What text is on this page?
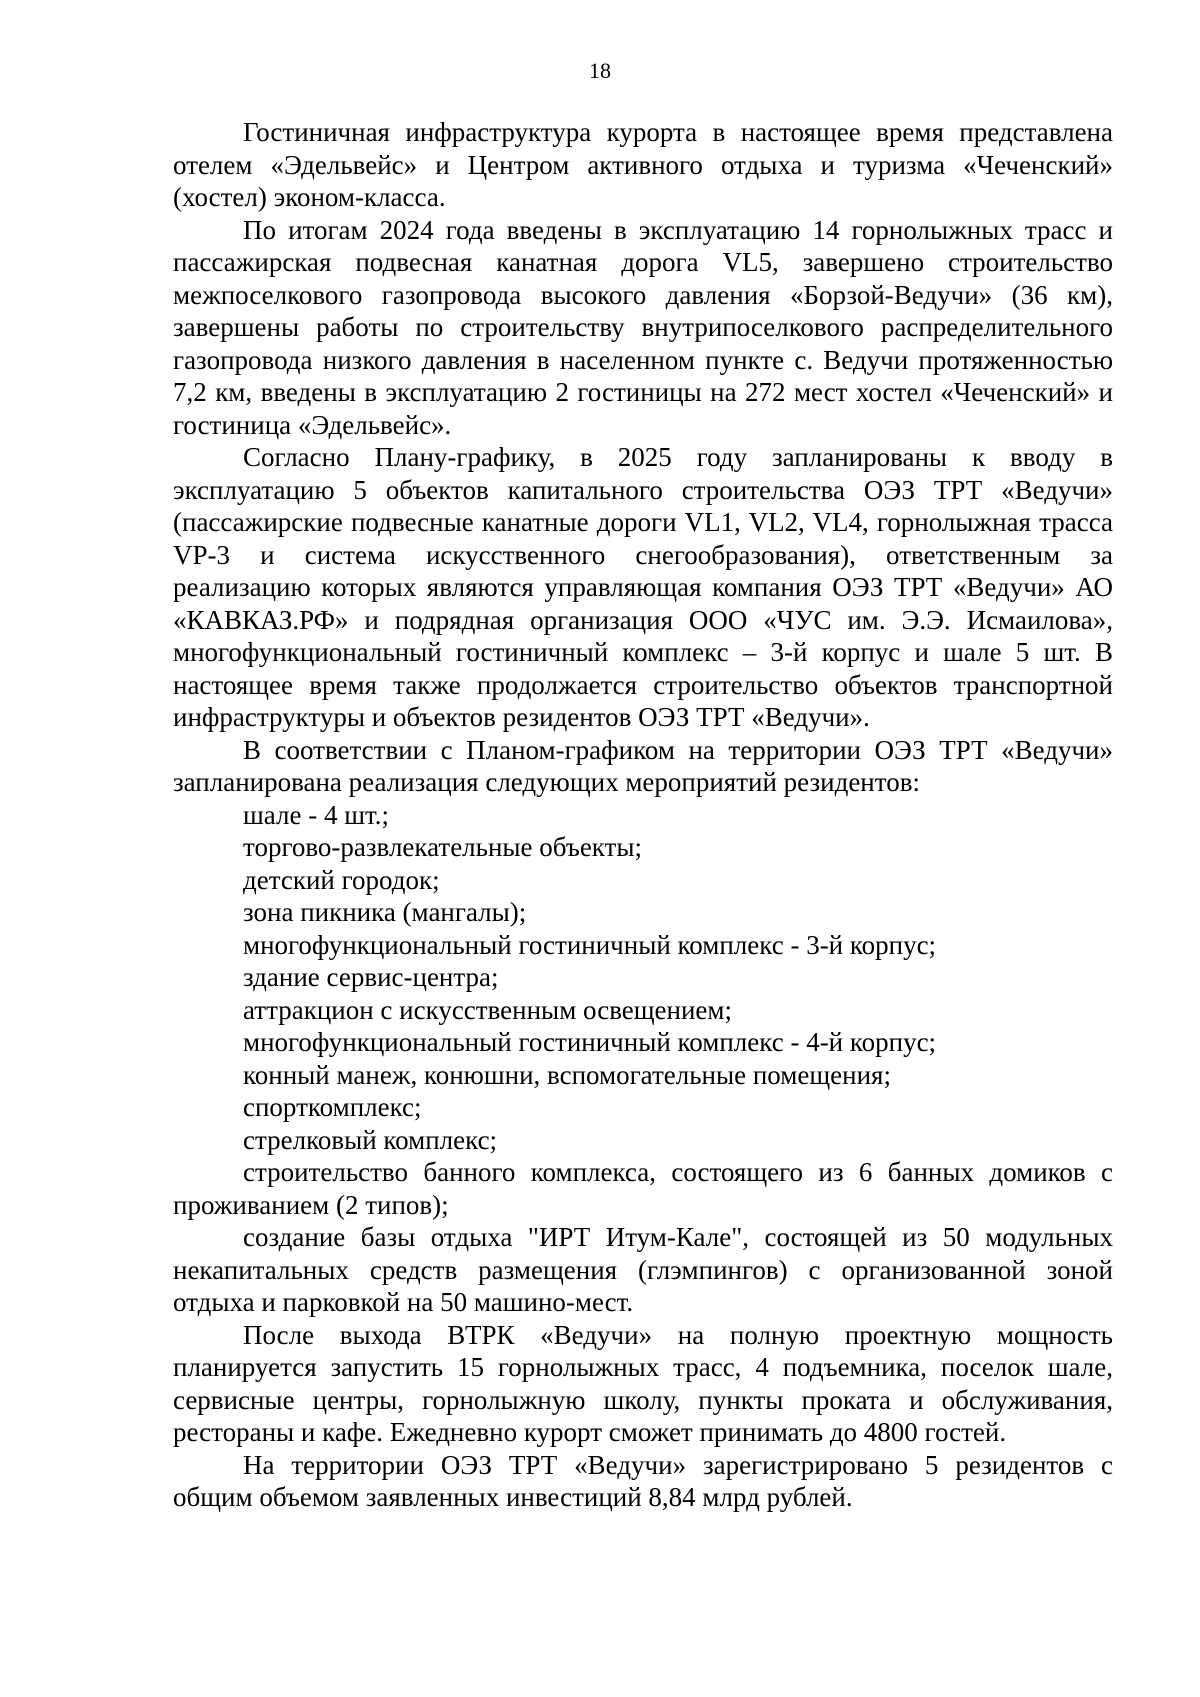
18

Гостиничная инфраструктура курорта в настоящее время представлена отелем «Эдельвейс» и Центром активного отдыха и туризма «Чеченский» (хостел) эконом-класса.

По итогам 2024 года введены в эксплуатацию 14 горнолыжных трасс и пассажирская подвесная канатная дорога VL5, завершено строительство межпоселкового газопровода высокого давления «Борзой-Ведучи» (36 км), завершены работы по строительству внутрипоселкового распределительного газопровода низкого давления в населенном пункте с. Ведучи протяженностью 7,2 км, введены в эксплуатацию 2 гостиницы на 272 мест хостел «Чеченский» и гостиница «Эдельвейс».

Согласно Плану-графику, в 2025 году запланированы к вводу в эксплуатацию 5 объектов капитального строительства ОЭЗ ТРТ «Ведучи» (пассажирские подвесные канатные дороги VL1, VL2, VL4, горнолыжная трасса VP-3 и система искусственного снегообразования), ответственным за реализацию которых являются управляющая компания ОЭЗ ТРТ «Ведучи» АО «КАВКАЗ.РФ» и подрядная организация ООО «ЧУС им. Э.Э. Исмаилова», многофункциональный гостиничный комплекс – 3-й корпус и шале 5 шт. В настоящее время также продолжается строительство объектов транспортной инфраструктуры и объектов резидентов ОЭЗ ТРТ «Ведучи».

В соответствии с Планом-графиком на территории ОЭЗ ТРТ «Ведучи» запланирована реализация следующих мероприятий резидентов:

шале - 4 шт.;

торгово-развлекательные объекты;

детский городок;

зона пикника (мангалы);

многофункциональный гостиничный комплекс - 3-й корпус;

здание сервис-центра;

аттракцион с искусственным освещением;

многофункциональный гостиничный комплекс - 4-й корпус;

конный манеж, конюшни, вспомогательные помещения;

спорткомплекс;

стрелковый комплекс;

строительство банного комплекса, состоящего из 6 банных домиков с проживанием (2 типов);

создание базы отдыха "ИРТ Итум-Кале", состоящей из 50 модульных некапитальных средств размещения (глэмпингов) с организованной зоной отдыха и парковкой на 50 машино-мест.

После выхода ВТРК «Ведучи» на полную проектную мощность планируется запустить 15 горнолыжных трасс, 4 подъемника, поселок шале, сервисные центры, горнолыжную школу, пункты проката и обслуживания, рестораны и кафе. Ежедневно курорт сможет принимать до 4800 гостей.

На территории ОЭЗ ТРТ «Ведучи» зарегистрировано 5 резидентов с общим объемом заявленных инвестиций 8,84 млрд рублей.
